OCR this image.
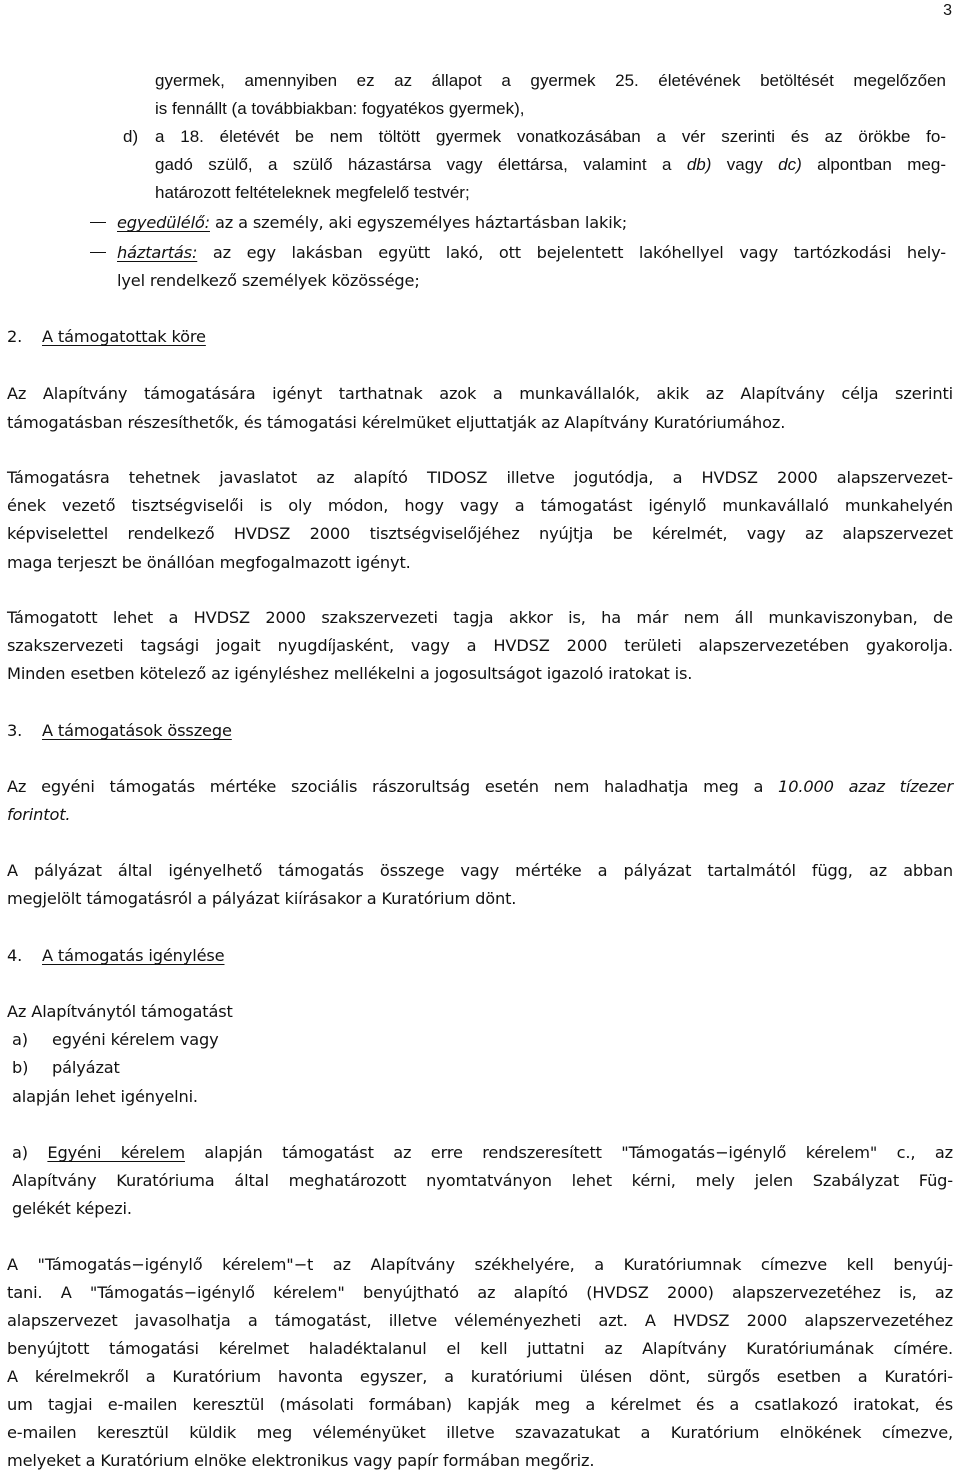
3
gyermek, amennyiben ez az állapot a gyermek 25. életévének betöltését megelőzően
is fennállt (a továbbiakban: fogyatékos gyermek),
d) a 18. életévét be nem töltött gyermek vonatkozásában a vér szerinti és az örökbe fo-
gadó szülő, a szülő házastársa vagy élettársa, valamint a db) vagy dc) alpontban meg-
határozott feltételeknek megfelelő testvér;
egyedülélő: az a személy, aki egyszemélyes háztartásban lakik;
háztartás: az egy lakásban együtt lakó, ott bejelentett lakóhellyel vagy tartózkodási hely-
lyel rendelkező személyek közössége;
2. A támogatottak köre
Az Alapítvány támogatására igényt tarthatnak azok a munkavállalók, akik az Alapítvány célja szerinti
támogatásban részesíthetők, és támogatási kérelmüket eljuttatják az Alapítvány Kuratóriumához.
Támogatásra tehetnek javaslatot az alapító TIDOSZ illetve jogutódja, a HVDSZ 2000 alapszervezet-
ének vezető tisztségviselői is oly módon, hogy vagy a támogatást igénylő munkavállaló munkahelyén
képviselettel rendelkező HVDSZ 2000 tisztségviselőjéhez nyújtja be kérelmét, vagy az alapszervezet
maga terjeszt be önállóan megfogalmazott igényt.
Támogatott lehet a HVDSZ 2000 szakszervezeti tagja akkor is, ha már nem áll munkaviszonyban, de
szakszervezeti tagsági jogait nyugdíjasként, vagy a HVDSZ 2000 területi alapszervezetében gyakorolja.
Minden esetben kötelező az igényléshez mellékelni a jogosultságot igazoló iratokat is.
3. A támogatások összege
Az egyéni támogatás mértéke szociális rászorultság esetén nem haladhatja meg a 10.000 azaz tízezer
forintot.
A pályázat által igényelhető támogatás összege vagy mértéke a pályázat tartalmától függ, az abban
megjelölt támogatásról a pályázat kiírásakor a Kuratórium dönt.
4. A támogatás igénylése
Az Alapítványtól támogatást
a) egyéni kérelem vagy
b) pályázat
alapján lehet igényelni.
a) Egyéni kérelem alapján támogatást az erre rendszeresített "Támogatás−igénylő kérelem" c., az
Alapítvány Kuratóriuma által meghatározott nyomtatványon lehet kérni, mely jelen Szabályzat Füg-
gelékét képezi.
A "Támogatás−igénylő kérelem"−t az Alapítvány székhelyére, a Kuratóriumnak címezve kell benyúj-
tani. A "Támogatás−igénylő kérelem" benyújtható az alapító (HVDSZ 2000) alapszervezetéhez is, az
alapszervezet javasolhatja a támogatást, illetve véleményezheti azt. A HVDSZ 2000 alapszervezetéhez
benyújtott támogatási kérelmet haladéktalanul el kell juttatni az Alapítvány Kuratóriumának címére.
A kérelmekről a Kuratórium havonta egyszer, a kuratóriumi ülésen dönt, sürgős esetben a Kuratóri-
um tagjai e-mailen keresztül (másolati formában) kapják meg a kérelmet és a csatlakozó iratokat, és
e-mailen keresztül küldik meg véleményüket illetve szavazatukat a Kuratórium elnökének címezve,
melyeket a Kuratórium elnöke elektronikus vagy papír formában megőriz.
